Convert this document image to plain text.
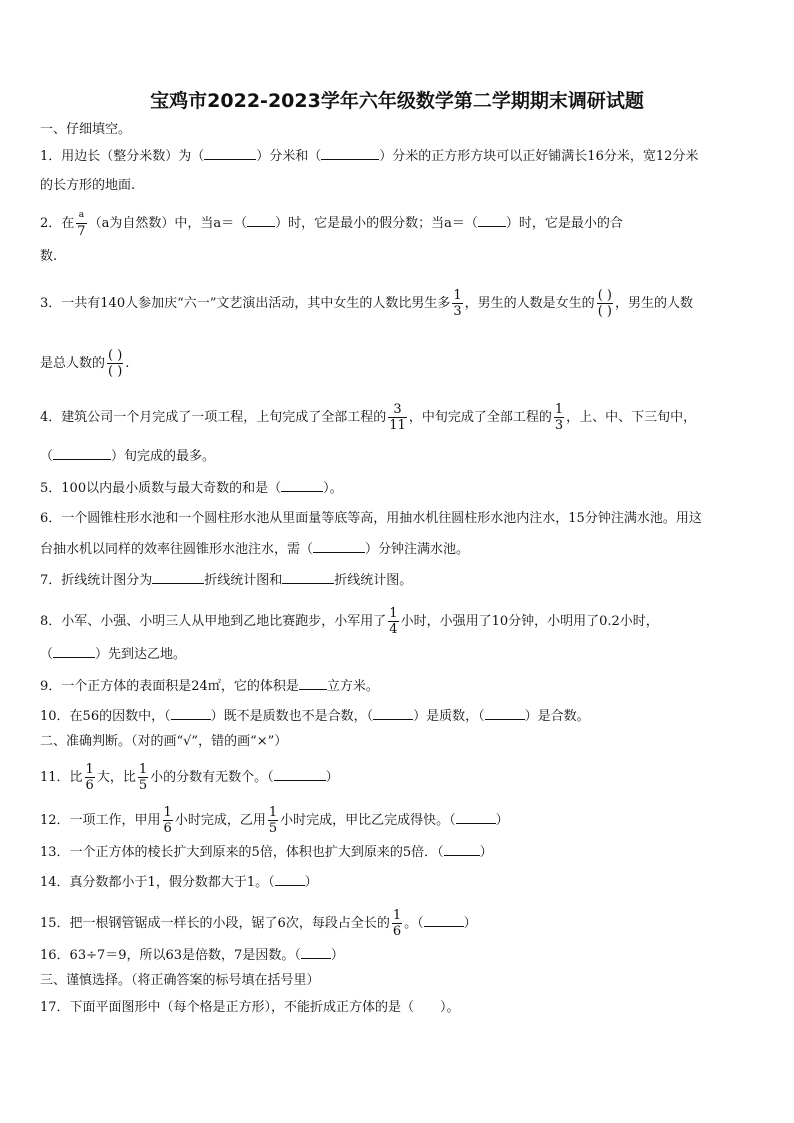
宝鸡市2022-2023学年六年级数学第二学期期末调研试题
一、仔细填空。
1．用边长（整分米数）为（	）分米和（	）分米的正方形方块可以正好铺满长16分米，宽12分米
的长方形的地面.
2．在 $\frac{a}{7} (a$为自然数）中，当a＝（ ）时，它是最小的假分数；当a＝（ ）时，它是最小的合
数.
3．一共有140人参加庆“六一”文艺演出活动，其中女生的人数比男生多 $\frac{1}{3}$ ，男生的人数是女生的 $\frac{( )}{( )}$ ，男生的人数
是总人数的 $\frac{( )}{( )}$ .
4．建筑公司一个月完成了一项工程，上旬完成了全部工程的 $\frac{3}{11}$ ，中旬完成了全部工程的 $\frac{1}{3}$ ，上、中、下三旬中，
（	）旬完成的最多。
5．100以内最小质数与最大奇数的和是（	）。
6．一个圆锥柱形水池和一个圆柱形水池从里面量等底等高，用抽水机往圆柱形水池内注水，15分钟注满水池。用这
台抽水机以同样的效率往圆锥形水池注水，需（	）分钟注满水池。
7．折线统计图分为	折线统计图和	折线统计图。
8．小军、小强、小明三人从甲地到乙地比赛跑步，小军用了 $\frac{1}{4}$ 小时，小强用了10分钟，小明用了0.2小时，
（	）先到达乙地。
9．一个正方体的表面积是24㎡，它的体积是 立方米。
10．在56的因数中，（	）既不是质数也不是合数，（	）是质数，（	）是合数。
二、准确判断。（对的画“√”，错的画“×”）
11．比 $\frac{1}{6}$ 大，比 $\frac{1}{5}$ 小的分数有无数个。（	）
12．一项工作，甲用 $\frac{1}{6}$ 小时完成，乙用 $\frac{1}{5}$ 小时完成，甲比乙完成得快。（	）
13．一个正方体的棱长扩大到原来的5倍，体积也扩大到原来的5倍．（	）
14．真分数都小于1，假分数都大于1。（ ）
15．把一根钢管锯成一样长的小段，锯了6次，每段占全长的 $\frac{1}{6}$ 。（	）
16．63÷7＝9，所以63是倍数，7是因数。（ ）
三、谨慎选择。（将正确答案的标号填在括号里）
17．下面平面图形中（每个格是正方形），不能折成正方体的是（　　）。
